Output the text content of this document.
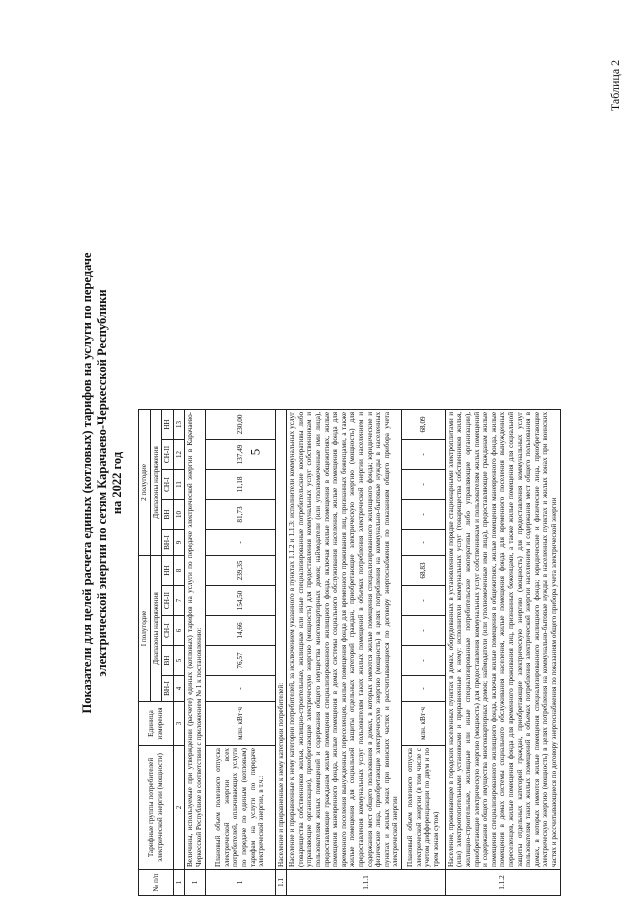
5
Таблица 2
Показатели для целей расчета единых (котловых) тарифов на услуги по передаче электрической энергии по сетям Карачаево-Черкесской Республики на 2022 год
№ п/п	Тарифные группы потребителей электрической энергии (мощности)	Единица измерения	I полугодие					2 полугодие					
			Диапазоны напряжения					Диапазоны напряжения					
			ВН-I	ВН	СН-I	СН-II	НН	ВН-I	ВН	СН-I	СН-II	НН	
1	2	3	4	5	6	7	8	9	10	11	12	13	
1	Величины, используемые при утверждении (расчете) единых (котловых) тарифов на услуги по передаче электрической энергии в Карачаево-Черкесской Республике в соответствии с приложением № 1 к постановлению:												
1	Плановый объем полезного отпуска электрической энергии всех потребителей, оплачивающих услуги по передаче по единым (котловым) тарифам на услуги по передаче электрической энергии, в т.ч.:	млн. кВт·ч	-	76,57	14,66	154,50	239,35	-	81,73	11,18	137,49	230,00	
1.1	Население и приравненные к нему категории потребителей:												
1.1.1	Население и приравненные к нему категории потребителей, за исключением указанного в пунктах 1.1.2 и 1.1.3: исполнители коммунальных услуг (товарищества собственников жилья, жилищно-строительные, жилищные или иные специализированные потребительские кооперативы либо управляющие организации), приобретающие электрическую энергию (мощность) для предоставления коммунальных услуг собственникам и пользователям жилых помещений и содержания общего имущества многоквартирных домов; наймодатели (или уполномоченные ими лица), предоставляющие гражданам жилые помещения специализированного жилищного фонда, включая жилые помещения в общежитиях, жилые помещения маневренного фонда, жилые помещения в домах системы социального обслуживания населения, жилые помещения фонда для временного поселения вынужденных переселенцев, жилые помещения фонда для временного проживания лиц, признанных беженцами, а также жилые помещения для социальной защиты отдельных категорий граждан, приобретающие электрическую энергию (мощность) для предоставления коммунальных услуг пользователям таких жилых помещений в объемах потребления электрической энергии населением и содержания мест общего пользования в домах, в которых имеются жилые помещения специализированного жилищного фонда; юридические и физические лица, приобретающие электрическую энергию (мощность) в целях потребления на коммунально-бытовые нужды в населенных пунктах и жилых зонах при воинских частях и рассчитывающиеся по договору энергоснабжения по показаниям общего прибора учета электрической энергии												
	Плановый объем полезного отпуска электрической энергии (в том числе с учетом дифференциации по двум и по трем зонам суток)	млн. кВт·ч	-	-	-	-	68,83	-	-	-	-	68,09	
1.1.2	Население, проживающее в городских населенных пунктах в домах, оборудованных в установленном порядке стационарными электроплитами и (или) электроотопительными установками и приравненные к нему: исполнители коммунальных услуг (товарищества собственников жилья, жилищно-строительные, жилищные или иные специализированные потребительские кооперативы либо управляющие организации), приобретающие электрическую энергию (мощность) для предоставления коммунальных услуг собственникам и пользователям жилых помещений и содержания общего имущества многоквартирных домов; наймодатели (или уполномоченные ими лица), предоставляющие гражданам жилые помещения специализированного жилищного фонда, включая жилые помещения в общежитиях, жилые помещения маневренного фонда, жилые помещения в домах системы социального обслуживания населения, жилые помещения фонда для временного поселения вынужденных переселенцев, жилые помещения фонда для временного проживания лиц, признанных беженцами, а также жилые помещения для социальной защиты отдельных категорий граждан, приобретающие электрическую энергию (мощность) для предоставления коммунальных услуг пользователям таких жилых помещений в объемах потребления электрической энергии населением и содержания мест общего пользования в домах, в которых имеются жилые помещения специализированного жилищного фонда; юридические и физические лица, приобретающие электрическую энергию (мощность) в целях потребления на коммунально-бытовые нужды в населенных пунктах и жилых зонах при воинских частях и рассчитывающиеся по договору энергоснабжения по показаниям общего прибора учета электрической энергии												
